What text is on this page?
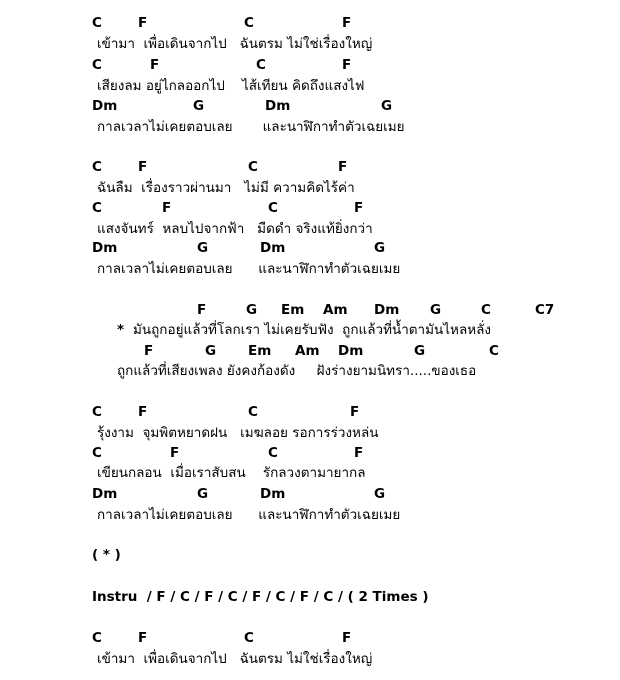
C	F	C	F
เข้ามา  เพื่อเดินจากไป   ฉันตรม ไม่ใช่เรื่องใหญ่
C	F	C	F
เสียงลม อยู่ไกลออกไป    ไส้เทียน คิดถึงแสงไฟ
Dm	G	Dm	G
กาลเวลาไม่เคยตอบเลย       และนาฬิกาทำตัวเฉยเมย
C	F	C	F
ฉันลืม  เรื่องราวผ่านมา   ไม่มี ความคิดไร้ค่า
C	F	C	F
แสงจันทร์  หลบไปจากฟ้า   มืดดำ จริงแท้ยิ่งกว่า
Dm	G	Dm	G
กาลเวลาไม่เคยตอบเลย      และนาฬิกาทำตัวเฉยเมย
F	G Em Am Dm G	C	C7
* มันถูกอยู่แล้วที่โลกเรา ไม่เคยรับฟัง  ถูกแล้วที่น้ำตามันไหลหลั่ง
F	G Em Am Dm	G	C
ถูกแล้วที่เสียงเพลง ยังคงก้องดัง     ฝังร่างยามนิทรา.....ของเธอ
C	F	C	F
รุ้งงาม  จุมพิตหยาดฝน   เมฆลอย รอการร่วงหล่น
C	F	C	F
เขียนกลอน  เมื่อเราสับสน    รักลวงตามายากล
Dm	G	Dm	G
กาลเวลาไม่เคยตอบเลย      และนาฬิกาทำตัวเฉยเมย
( * )
Instru  / F / C / F / C / F / C / F / C / ( 2 Times )
C	F	C	F
เข้ามา  เพื่อเดินจากไป   ฉันตรม ไม่ใช่เรื่องใหญ่
